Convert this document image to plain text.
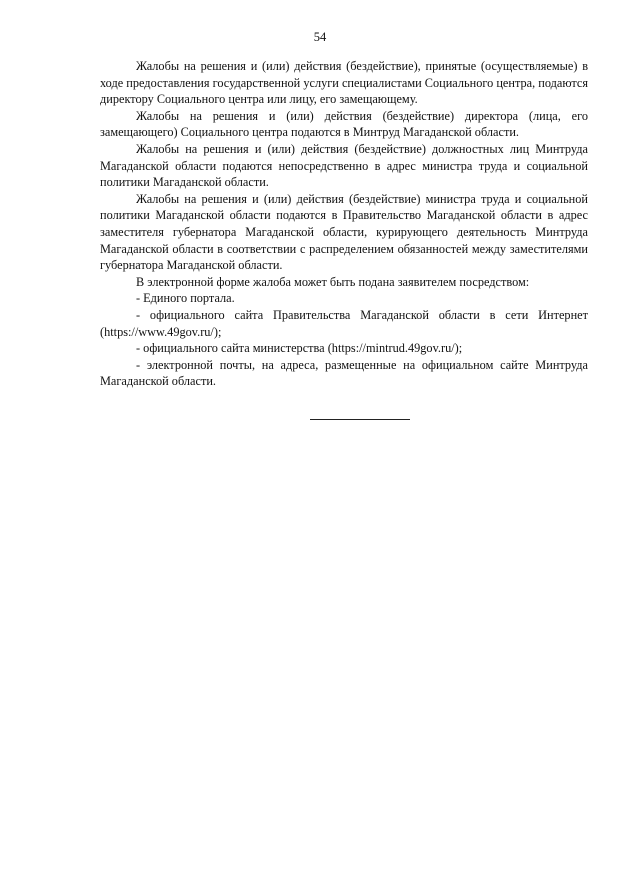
54

Жалобы на решения и (или) действия (бездействие), принятые (осуществляемые) в ходе предоставления государственной услуги специалистами Социального центра, подаются директору Социального центра или лицу, его замещающему.

Жалобы на решения и (или) действия (бездействие) директора (лица, его замещающего) Социального центра подаются в Минтруд Магаданской области.

Жалобы на решения и (или) действия (бездействие) должностных лиц Минтруда Магаданской области подаются непосредственно в адрес министра труда и социальной политики Магаданской области.

Жалобы на решения и (или) действия (бездействие) министра труда и социальной политики Магаданской области подаются в Правительство Магаданской области в адрес заместителя губернатора Магаданской области, курирующего деятельность Минтруда Магаданской области в соответствии с распределением обязанностей между заместителями губернатора Магаданской области.

В электронной форме жалоба может быть подана заявителем посредством:

- Единого портала.

- официального сайта Правительства Магаданской области в сети Интернет (https://www.49gov.ru/);

- официального сайта министерства (https://mintrud.49gov.ru/);

- электронной почты, на адреса, размещенные на официальном сайте Минтруда Магаданской области.
